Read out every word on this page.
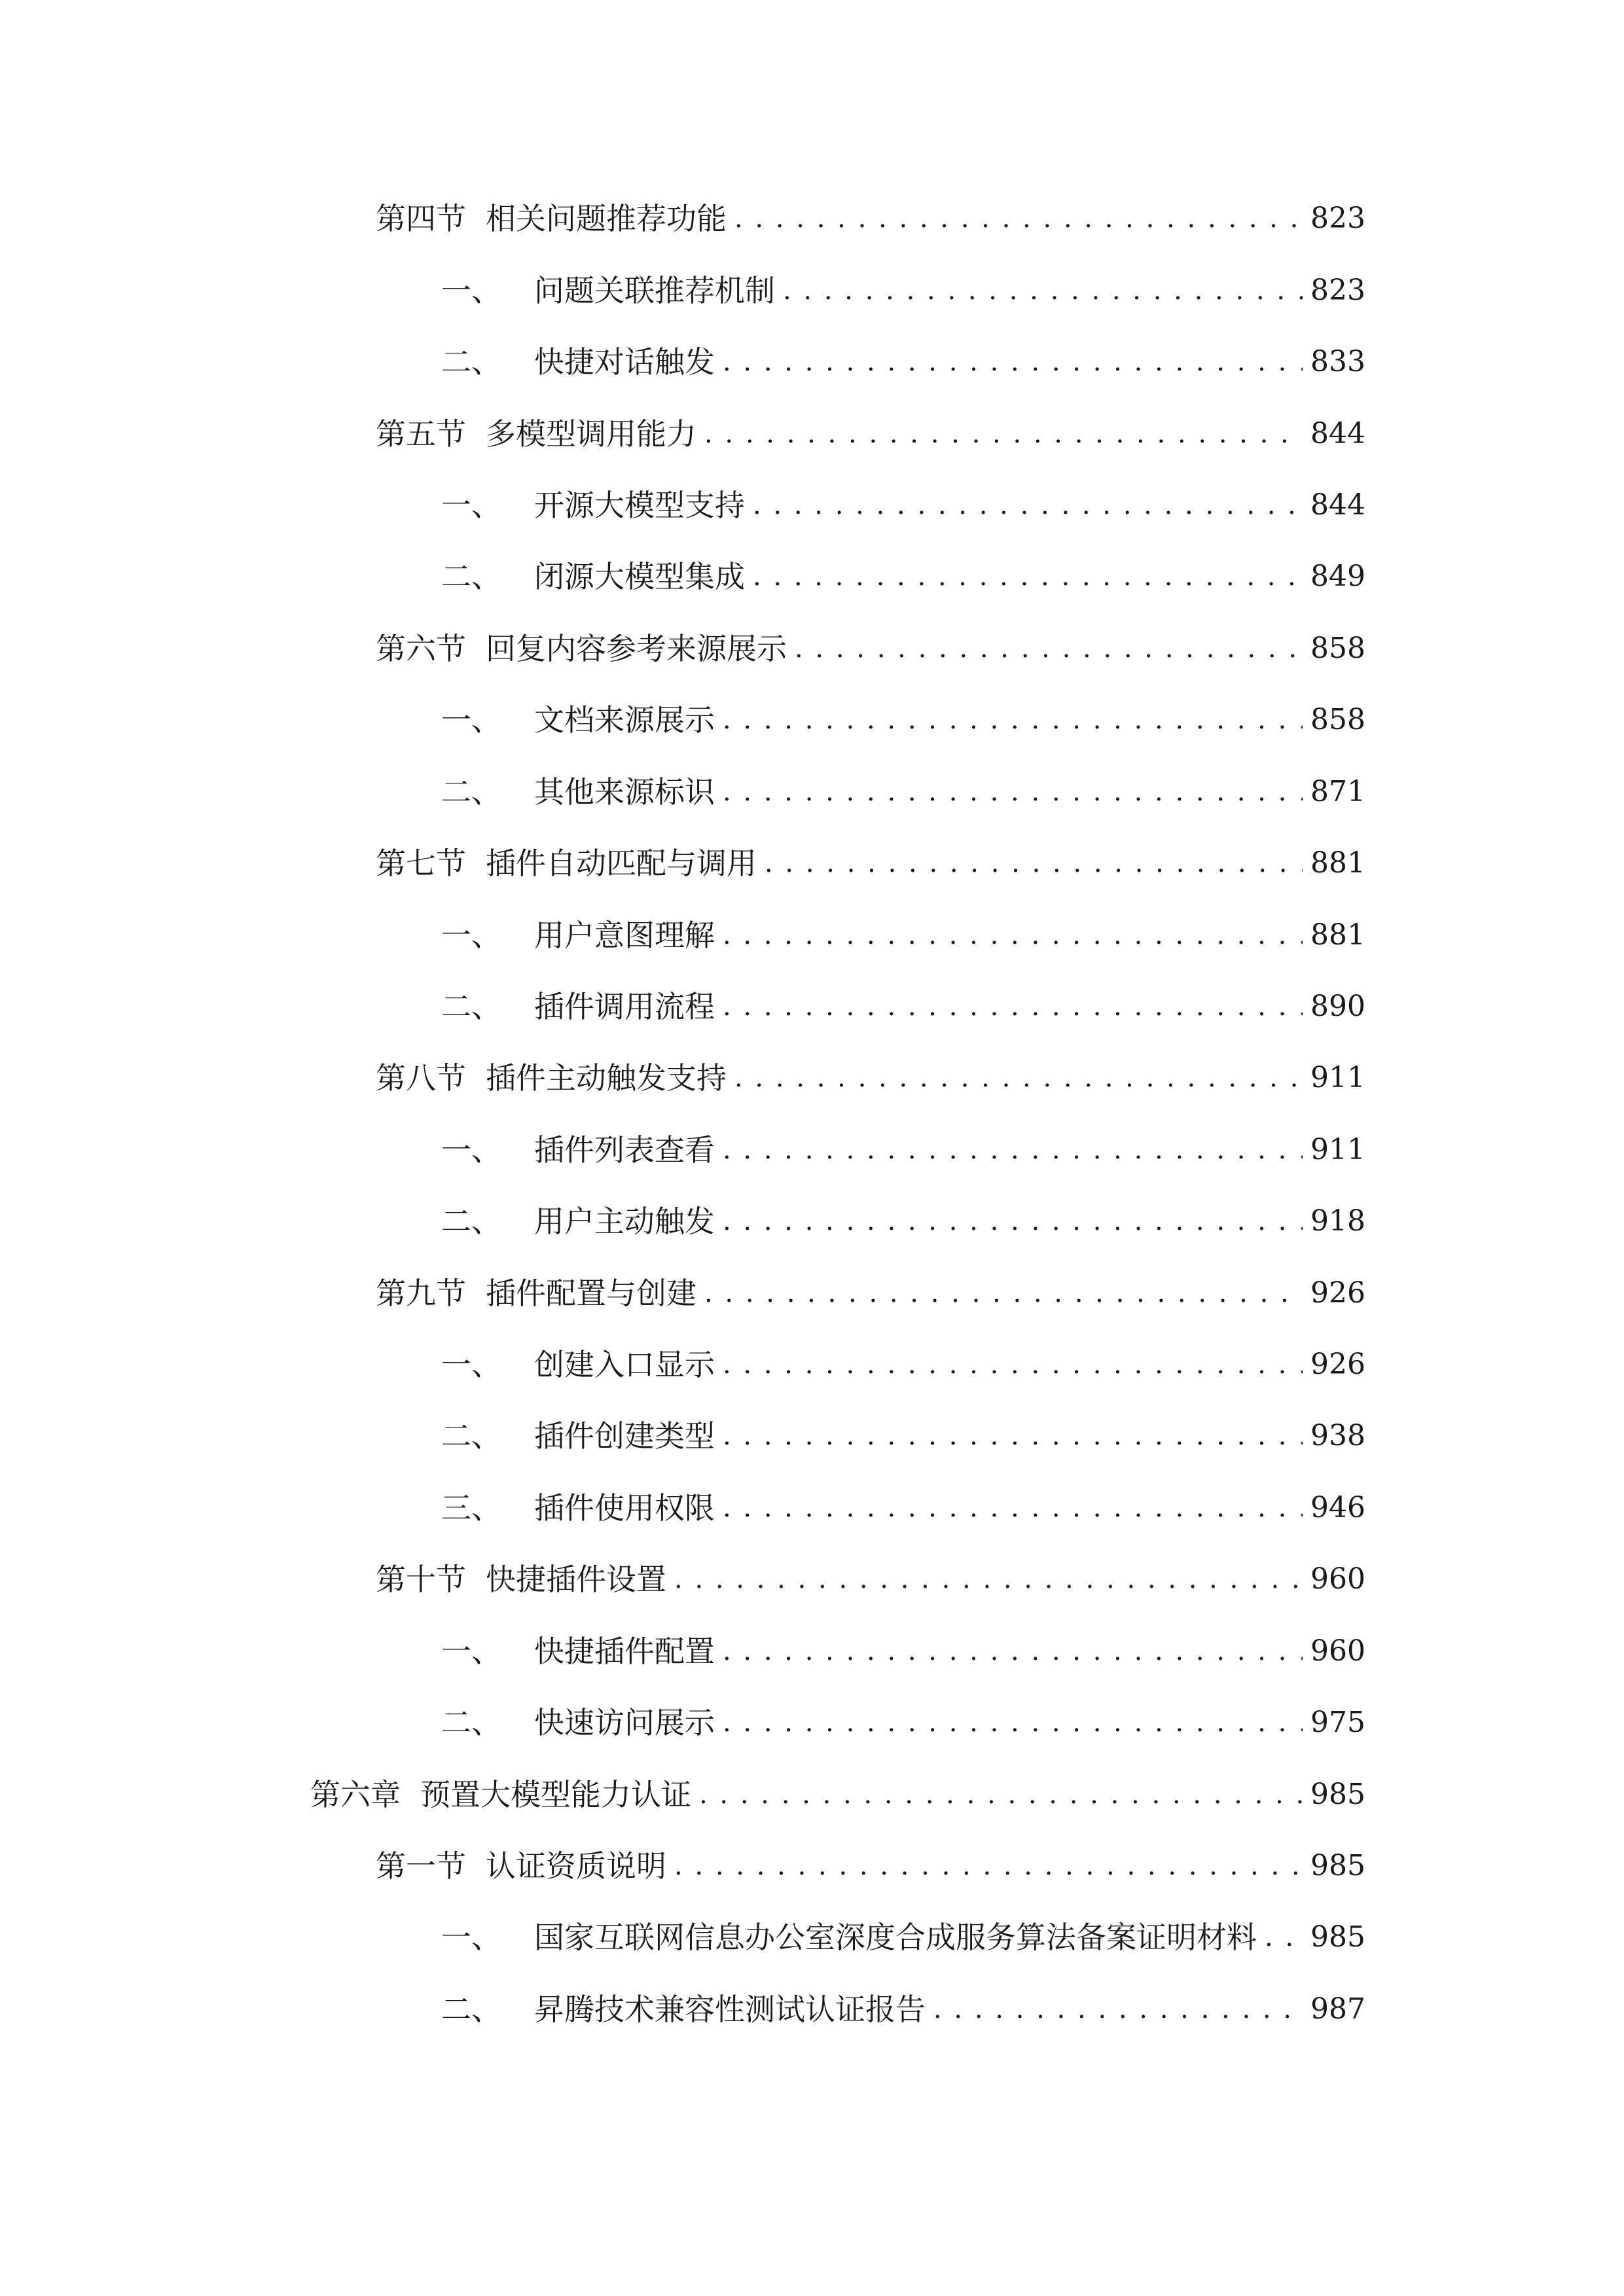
第四节 相关问题推荐功能 . . .	823
一、 问题关联推荐机制 . . .	823
二、 快捷对话触发 . . .	833
第五节 多模型调用能力 . . .	844
一、 开源大模型支持 . . .	844
二、 闭源大模型集成 . . .	849
第六节 回复内容参考来源展示 . . .	858
一、 文档来源展示 . . .	858
二、 其他来源标识 . . .	871
第七节 插件自动匹配与调用 . . .	881
一、 用户意图理解 . . .	881
二、 插件调用流程 . . .	890
第八节 插件主动触发支持 . . .	911
一、 插件列表查看 . . .	911
二、 用户主动触发 . . .	918
第九节 插件配置与创建 . . .	926
一、 创建入口显示 . . .	926
二、 插件创建类型 . . .	938
三、 插件使用权限 . . .	946
第十节 快捷插件设置 . . .	960
一、 快捷插件配置 . . .	960
二、 快速访问展示 . . .	975
第六章 预置大模型能力认证 . . .	985
第一节 认证资质说明 . . .	985
一、 国家互联网信息办公室深度合成服务算法备案证明材料 . . . 985
二、 昇腾技术兼容性测试认证报告 . . .	987
